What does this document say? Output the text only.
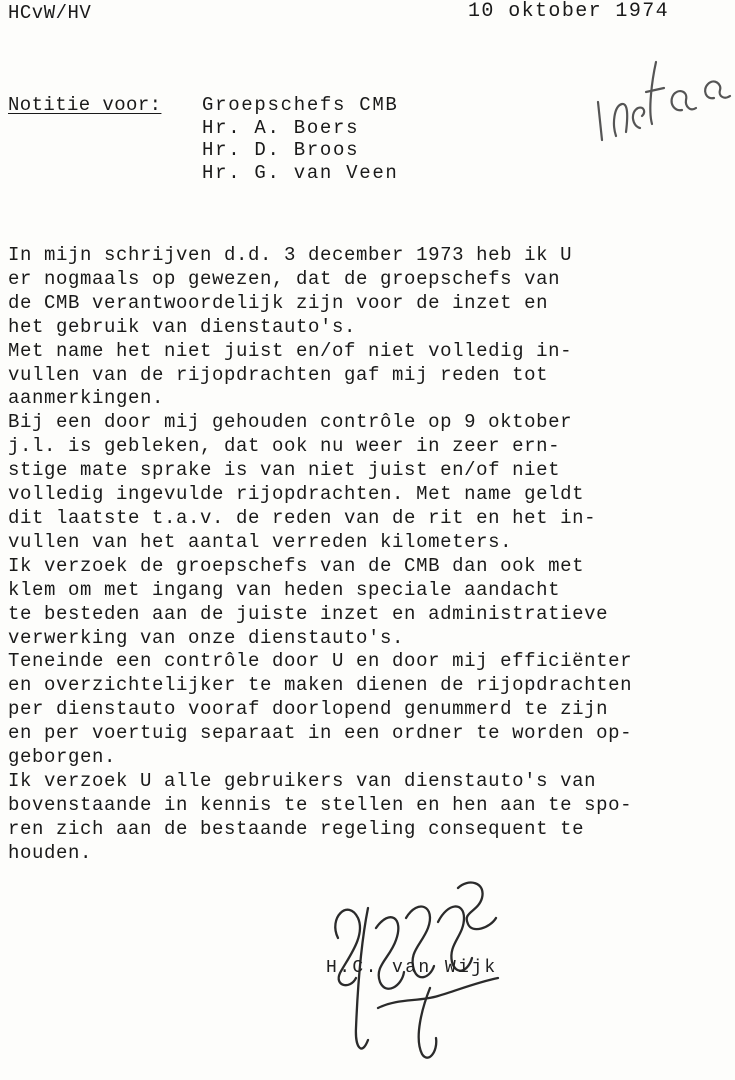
HCvW/HV	10 oktober 1974
Notitie voor: Groepschefs CMB
Hr. A. Boers
Hr. D. Broos
Hr. G. van Veen
In mijn schrijven d.d. 3 december 1973 heb ik U
er nogmaals op gewezen, dat de groepschefs van
de CMB verantwoordelijk zijn voor de inzet en
het gebruik van dienstauto's.
Met name het niet juist en/of niet volledig in-
vullen van de rijopdrachten gaf mij reden tot
aanmerkingen.
Bij een door mij gehouden contrôle op 9 oktober
j.l. is gebleken, dat ook nu weer in zeer ern-
stige mate sprake is van niet juist en/of niet
volledig ingevulde rijopdrachten. Met name geldt
dit laatste t.a.v. de reden van de rit en het in-
vullen van het aantal verreden kilometers.
Ik verzoek de groepschefs van de CMB dan ook met
klem om met ingang van heden speciale aandacht
te besteden aan de juiste inzet en administratieve
verwerking van onze dienstauto's.
Teneinde een contrôle door U en door mij efficiënter
en overzichtelijker te maken dienen de rijopdrachten
per dienstauto vooraf doorlopend genummerd te zijn
en per voertuig separaat in een ordner te worden op-
geborgen.
Ik verzoek U alle gebruikers van dienstauto's van
bovenstaande in kennis te stellen en hen aan te spo-
ren zich aan de bestaande regeling consequent te
houden.
H.C. van Wijk
